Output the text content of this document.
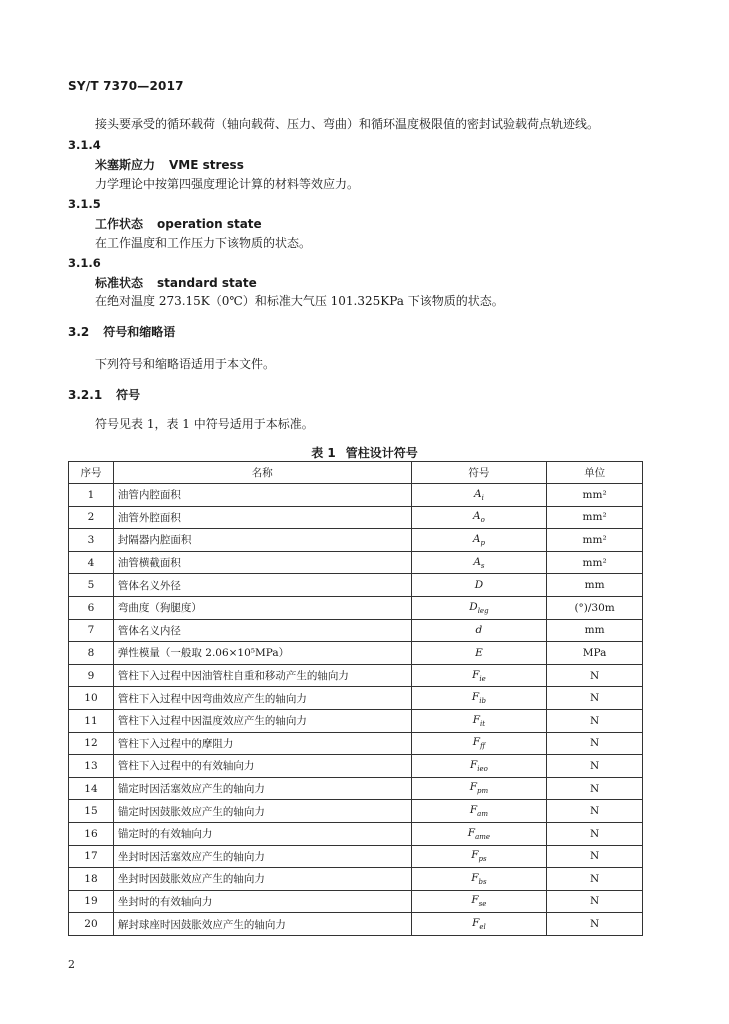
SY/T 7370—2017
接头要承受的循环载荷（轴向载荷、压力、弯曲）和循环温度极限值的密封试验载荷点轨迹线。
3.1.4
米塞斯应力 VME stress
力学理论中按第四强度理论计算的材料等效应力。
3.1.5
工作状态 operation state
在工作温度和工作压力下该物质的状态。
3.1.6
标准状态 standard state
在绝对温度 273.15K（0℃）和标准大气压 101.325KPa 下该物质的状态。
3.2 符号和缩略语
下列符号和缩略语适用于本文件。
3.2.1 符号
符号见表 1，表 1 中符号适用于本标准。
表 1 管柱设计符号
序号	名称	符号	单位
1	油管内腔面积	$A_i$	mm²
2	油管外腔面积	$A_o$	mm²
3	封隔器内腔面积	$A_p$	mm²
4	油管横截面积	$A_s$	mm²
5	管体名义外径	D	mm
6	弯曲度（狗腿度）	$D_{leg}$	(°)/30m
7	管体名义内径	d	mm
8	弹性模量（一般取 2.06×10⁵MPa）	E	MPa
9	管柱下入过程中因油管柱自重和移动产生的轴向力	$F_{ie}$	N
10	管柱下入过程中因弯曲效应产生的轴向力	$F_{ib}$	N
11	管柱下入过程中因温度效应产生的轴向力	$F_{it}$	N
12	管柱下入过程中的摩阻力	$F_{ff}$	N
13	管柱下入过程中的有效轴向力	$F_{ieo}$	N
14	锚定时因活塞效应产生的轴向力	$F_{pm}$	N
15	锚定时因鼓胀效应产生的轴向力	$F_{am}$	N
16	锚定时的有效轴向力	$F_{ame}$	N
17	坐封时因活塞效应产生的轴向力	$F_{ps}$	N
18	坐封时因鼓胀效应产生的轴向力	$F_{bs}$	N
19	坐封时的有效轴向力	$F_{se}$	N
20	解封球座时因鼓胀效应产生的轴向力	$F_{el}$	N
2
